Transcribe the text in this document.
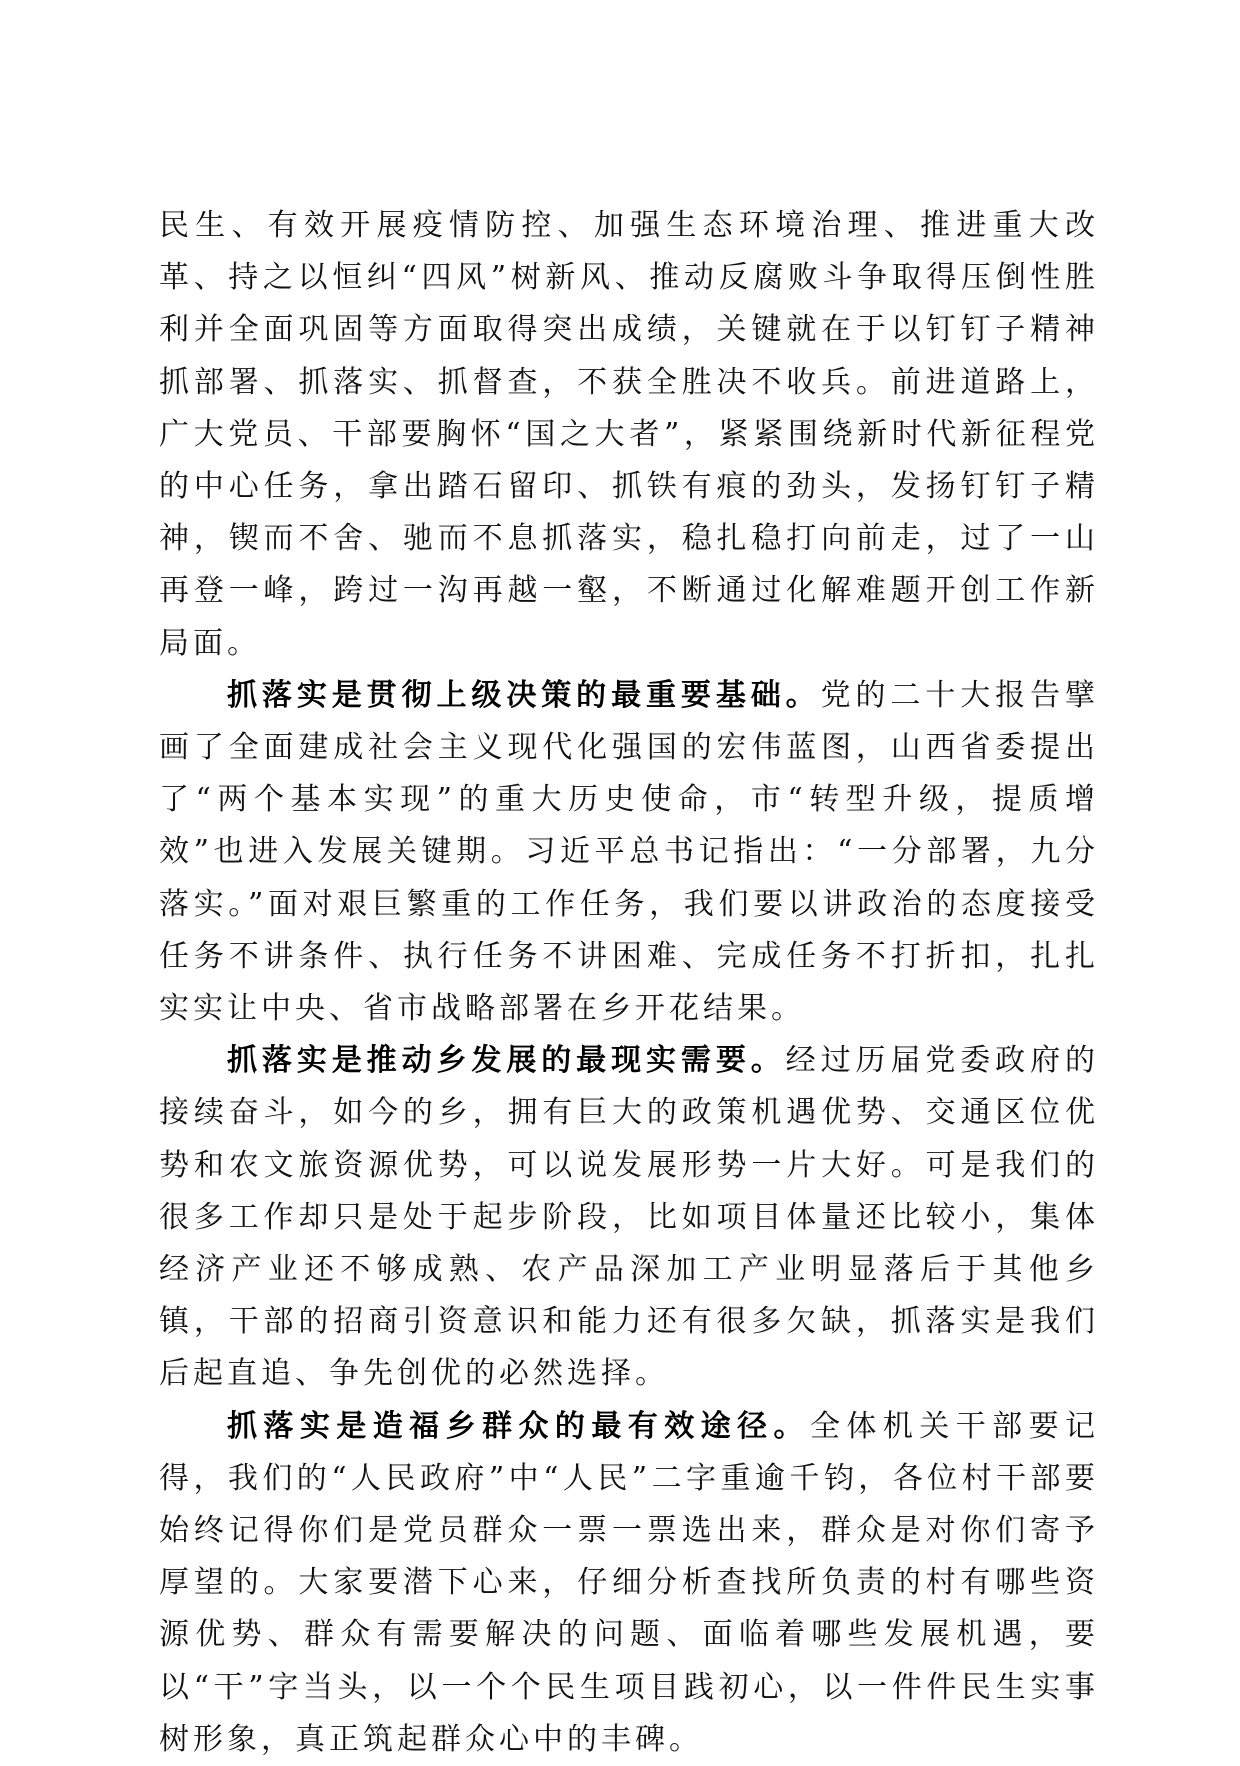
民生、有效开展疫情防控、加强生态环境治理、推进重大改革、持之以恒纠“四风”树新风、推动反腐败斗争取得压倒性胜利并全面巩固等方面取得突出成绩，关键就在于以钉钉子精神抓部署、抓落实、抓督查，不获全胜决不收兵。前进道路上，广大党员、干部要胸怀“国之大者”，紧紧围绕新时代新征程党的中心任务，拿出踏石留印、抓铁有痕的劲头，发扬钉钉子精神，锲而不舍、驰而不息抓落实，稳扎稳打向前走，过了一山再登一峰，跨过一沟再越一壑，不断通过化解难题开创工作新局面。

抓落实是贯彻上级决策的最重要基础。党的二十大报告擘画了全面建成社会主义现代化强国的宏伟蓝图，山西省委提出了“两个基本实现”的重大历史使命，市“转型升级，提质增效”也进入发展关键期。习近平总书记指出：“一分部署，九分落实。”面对艰巨繁重的工作任务，我们要以讲政治的态度接受任务不讲条件、执行任务不讲困难、完成任务不打折扣，扎扎实实让中央、省市战略部署在乡开花结果。

抓落实是推动乡发展的最现实需要。经过历届党委政府的接续奋斗，如今的乡，拥有巨大的政策机遇优势、交通区位优势和农文旅资源优势，可以说发展形势一片大好。可是我们的很多工作却只是处于起步阶段，比如项目体量还比较小，集体经济产业还不够成熟、农产品深加工产业明显落后于其他乡镇，干部的招商引资意识和能力还有很多欠缺，抓落实是我们后起直追、争先创优的必然选择。

抓落实是造福乡群众的最有效途径。全体机关干部要记得，我们的“人民政府”中“人民”二字重逾千钧，各位村干部要始终记得你们是党员群众一票一票选出来，群众是对你们寄予厚望的。大家要潜下心来，仔细分析查找所负责的村有哪些资源优势、群众有需要解决的问题、面临着哪些发展机遇，要以“干”字当头，以一个个民生项目践初心，以一件件民生实事树形象，真正筑起群众心中的丰碑。
